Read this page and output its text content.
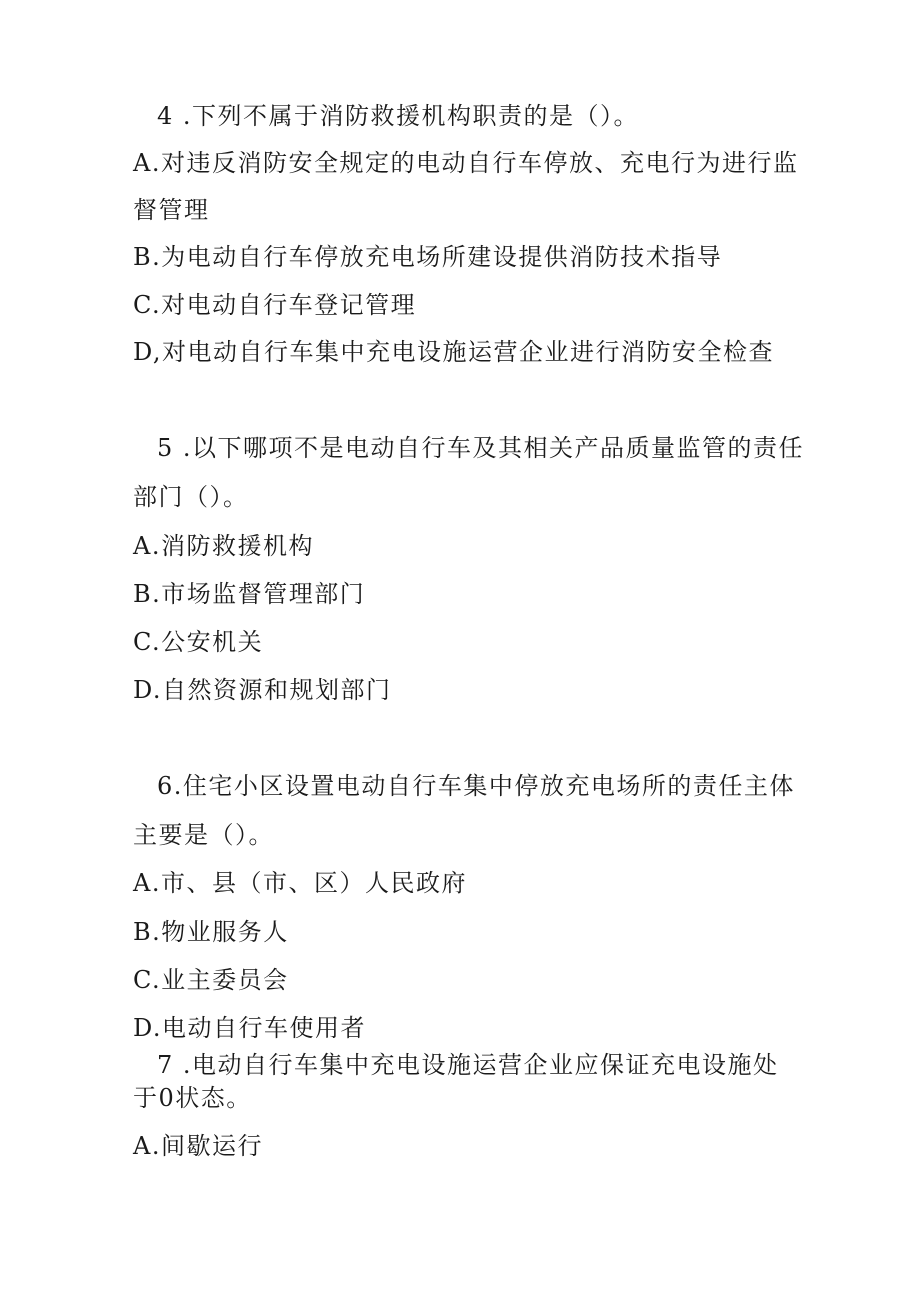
4 .下列不属于消防救援机构职责的是（）。
A.对违反消防安全规定的电动自行车停放、充电行为进行监
督管理
B.为电动自行车停放充电场所建设提供消防技术指导
C.对电动自行车登记管理
D,对电动自行车集中充电设施运营企业进行消防安全检查
5 .以下哪项不是电动自行车及其相关产品质量监管的责任
部门（）。
A.消防救援机构
B.市场监督管理部门
C.公安机关
D.自然资源和规划部门
6.住宅小区设置电动自行车集中停放充电场所的责任主体
主要是（）。
A.市、县（市、区）人民政府
B.物业服务人
C.业主委员会
D.电动自行车使用者
7 .电动自行车集中充电设施运营企业应保证充电设施处
于0状态。
A.间歇运行
